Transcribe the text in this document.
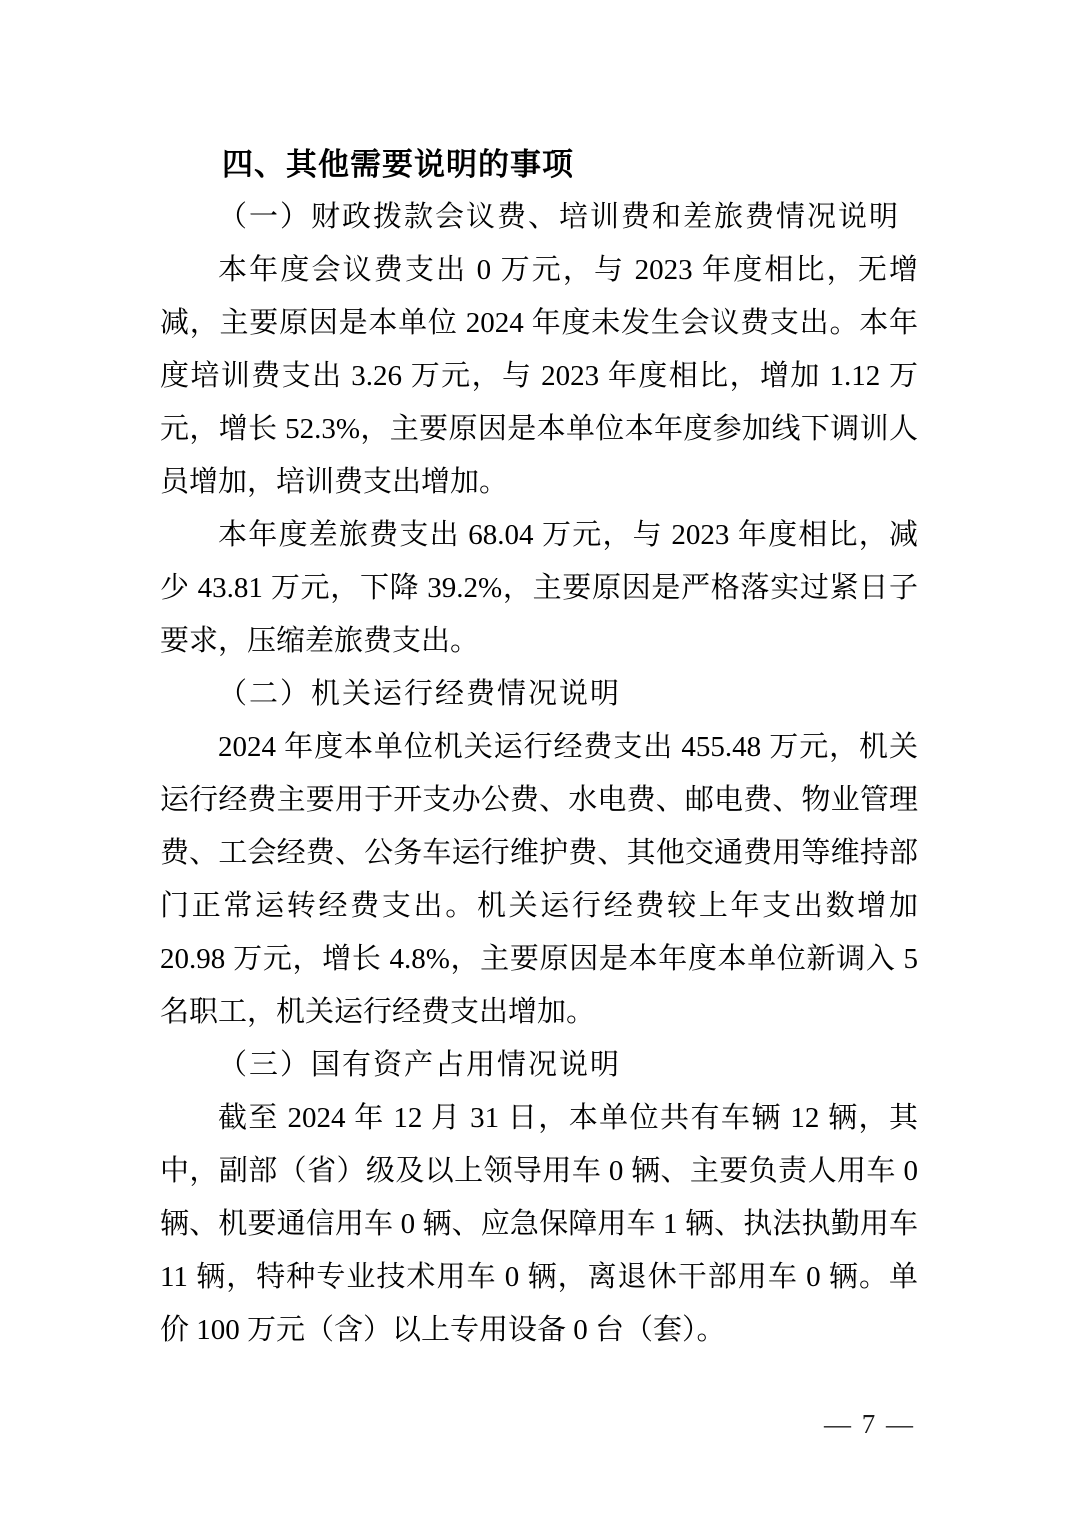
四、其他需要说明的事项
（一）财政拨款会议费、培训费和差旅费情况说明

本年度会议费支出 0 万元，与 2023 年度相比，无增减，主要原因是本单位 2024 年度未发生会议费支出。本年度培训费支出 3.26 万元，与 2023 年度相比，增加 1.12 万元，增长 52.3%，主要原因是本单位本年度参加线下调训人员增加，培训费支出增加。

本年度差旅费支出 68.04 万元，与 2023 年度相比，减少 43.81 万元，下降 39.2%，主要原因是严格落实过紧日子要求，压缩差旅费支出。

（二）机关运行经费情况说明

2024 年度本单位机关运行经费支出 455.48 万元，机关运行经费主要用于开支办公费、水电费、邮电费、物业管理费、工会经费、公务车运行维护费、其他交通费用等维持部门正常运转经费支出。机关运行经费较上年支出数增加 20.98 万元，增长 4.8%，主要原因是本年度本单位新调入 5 名职工，机关运行经费支出增加。

（三）国有资产占用情况说明

截至 2024 年 12 月 31 日，本单位共有车辆 12 辆，其中，副部（省）级及以上领导用车 0 辆、主要负责人用车 0 辆、机要通信用车 0 辆、应急保障用车 1 辆、执法执勤用车 11 辆，特种专业技术用车 0 辆，离退休干部用车 0 辆。单价 100 万元（含）以上专用设备 0 台（套）。

— 7 —
